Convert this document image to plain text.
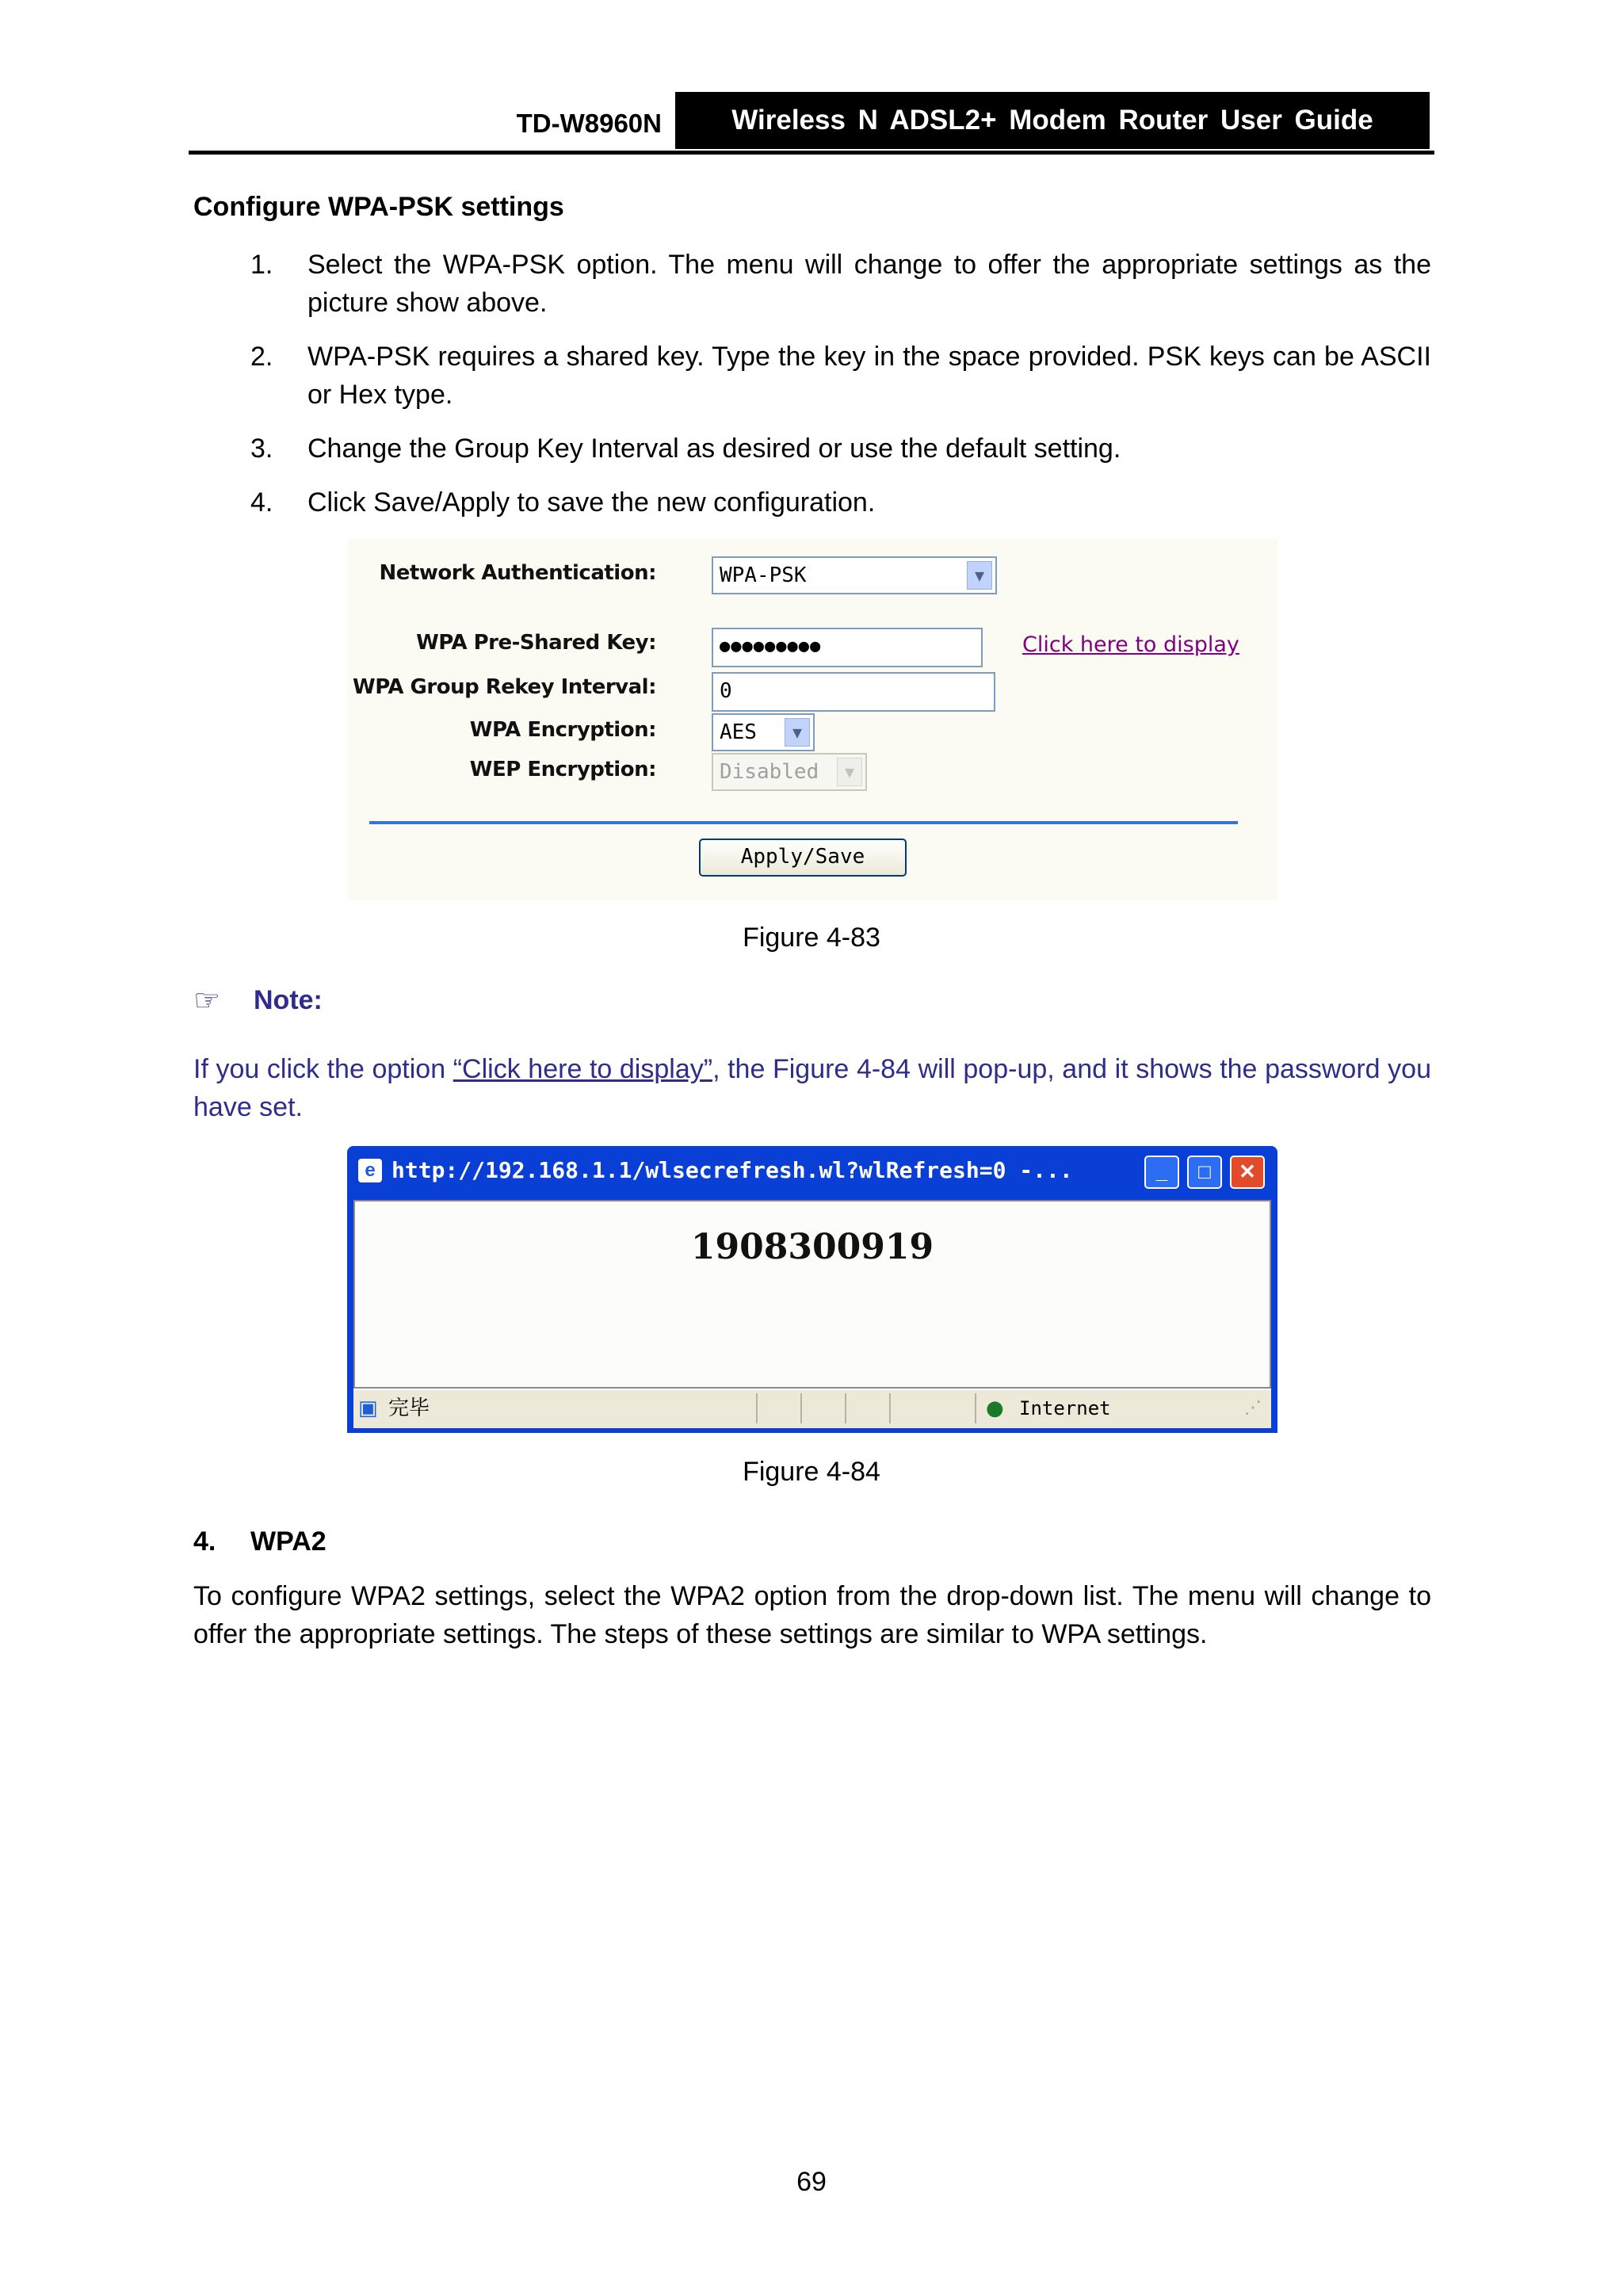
TD-W8960N	Wireless N ADSL2+ Modem Router User Guide
Configure WPA-PSK settings
1. Select the WPA-PSK option. The menu will change to offer the appropriate settings as the picture show above.
2. WPA-PSK requires a shared key. Type the key in the space provided. PSK keys can be ASCII or Hex type.
3. Change the Group Key Interval as desired or use the default setting.
4. Click Save/Apply to save the new configuration.
Network Authentication:	WPA-PSK	▼
WPA Pre-Shared Key:	●●●●●●●●●	Click here to display
WPA Group Rekey Interval:	0
WPA Encryption:	AES	▼
WEP Encryption:	Disabled	▼
Apply/Save
Figure 4-83
☞ Note:
If you click the option “Click here to display”, the Figure 4-84 will pop-up, and it shows the password you have set.
e http://192.168.1.1/wlsecrefresh.wl?wlRefresh=0 -...	_	□	✕
1908300919
▣ 完毕	● Internet	⋰
Figure 4-84
4. WPA2
To configure WPA2 settings, select the WPA2 option from the drop-down list. The menu will change to offer the appropriate settings. The steps of these settings are similar to WPA settings.
69
